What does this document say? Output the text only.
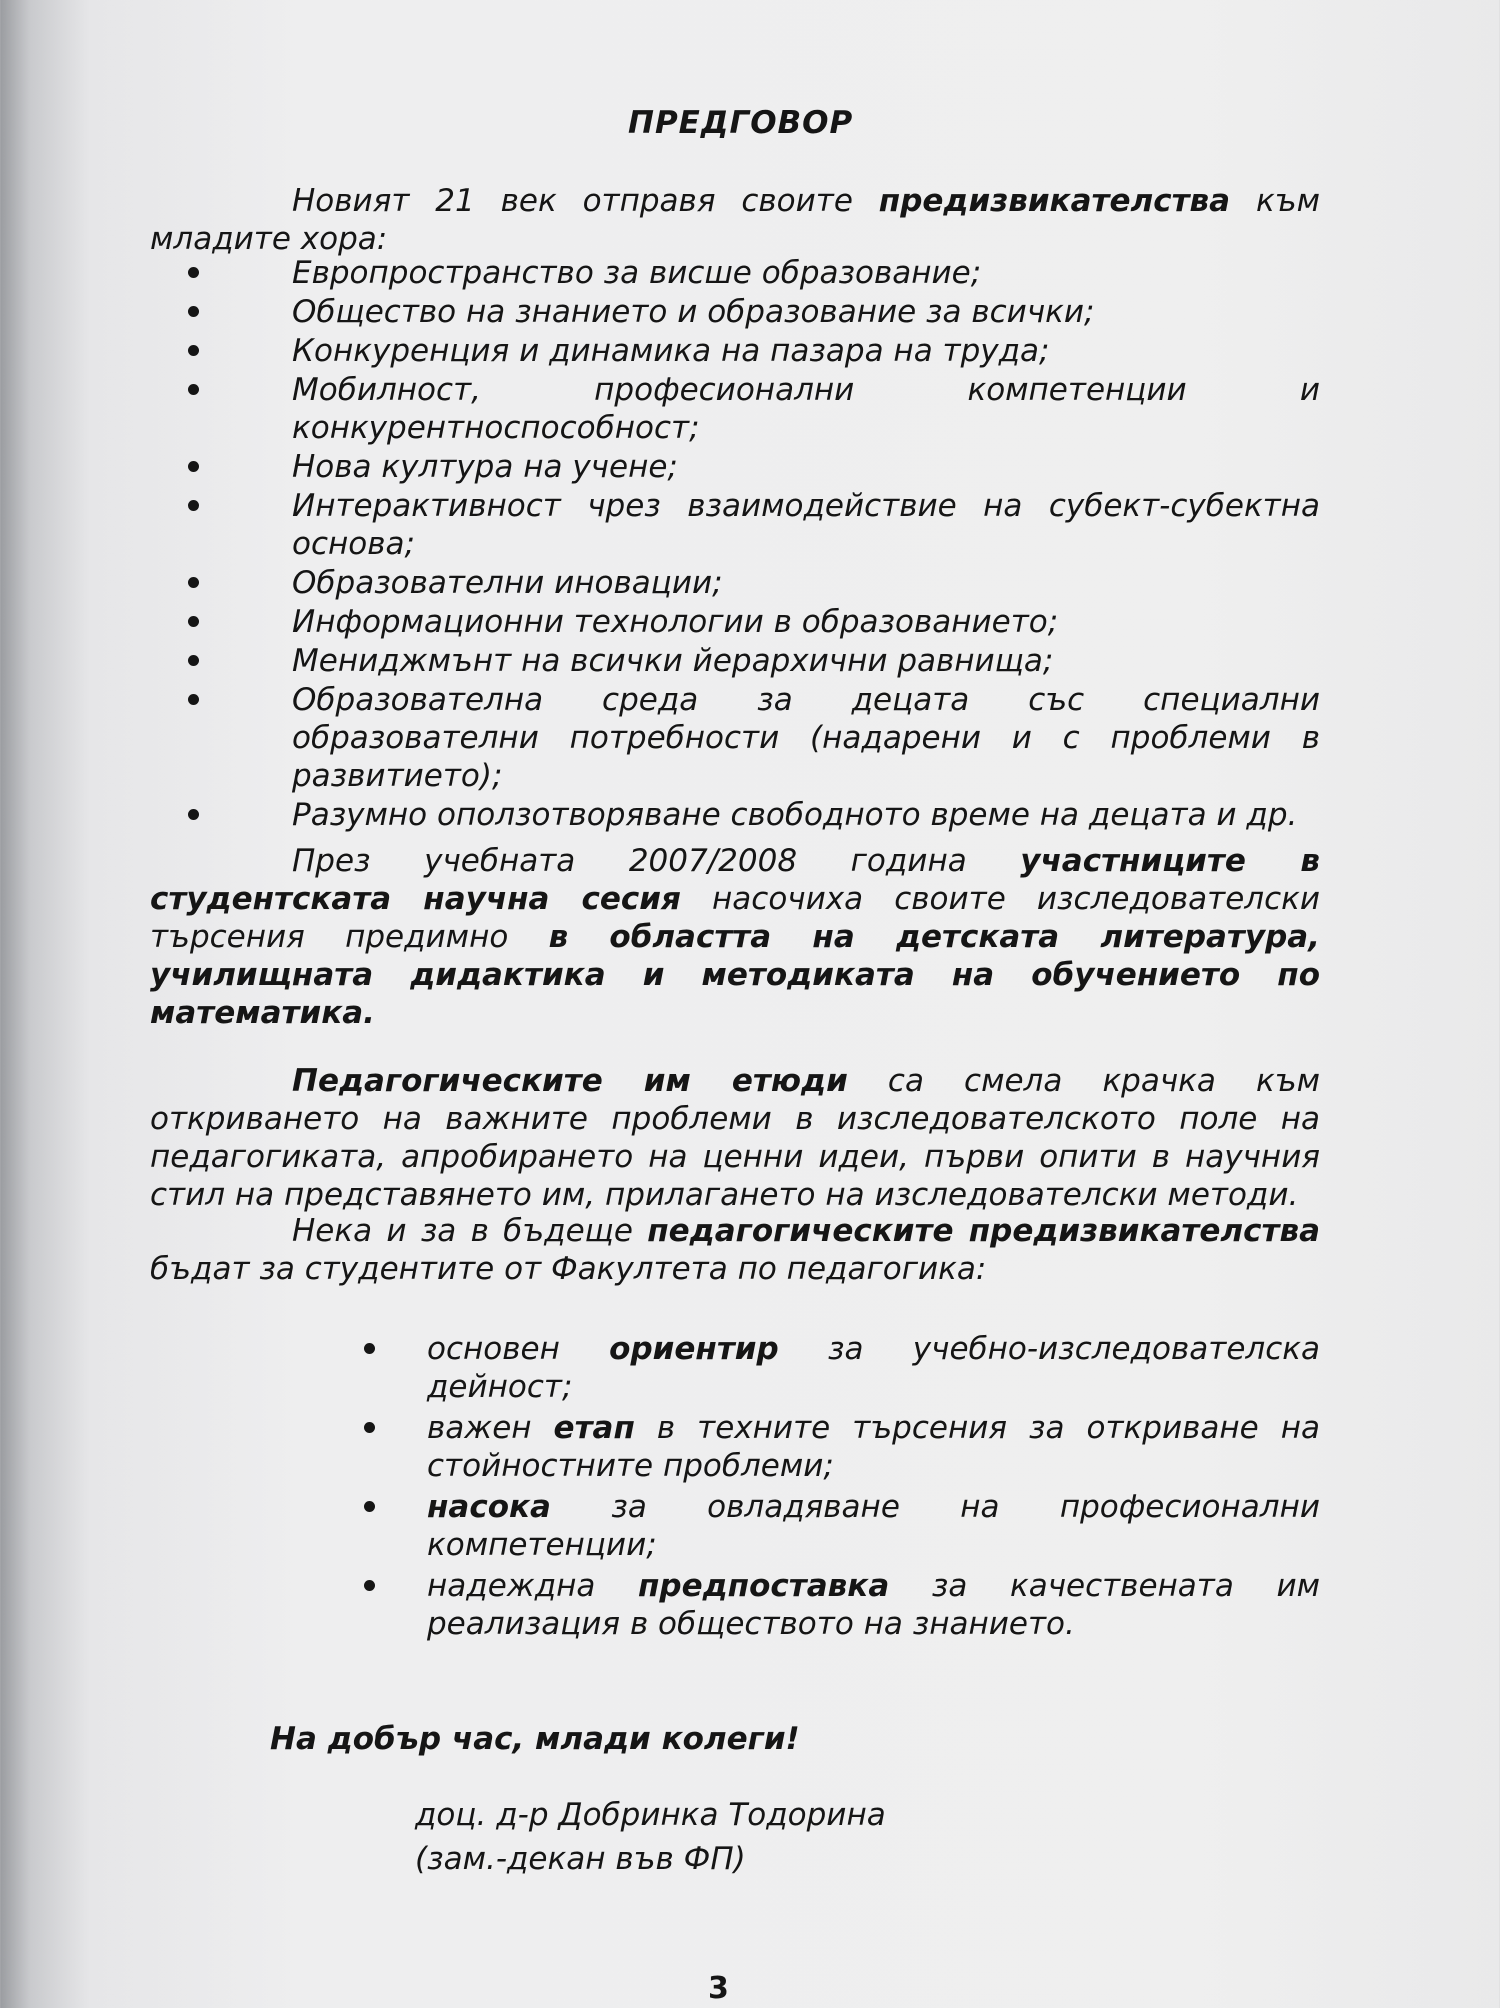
ПРЕДГОВОР
Новият 21 век отправя своите предизвикателства към младите хора:
Европространство за висше образование;
Общество на знанието и образование за всички;
Конкуренция и динамика на пазара на труда;
Мобилност, професионални компетенции и конкурентноспособност;
Нова култура на учене;
Интерактивност чрез взаимодействие на субект-субектна основа;
Образователни иновации;
Информационни технологии в образованието;
Мениджмънт на всички йерархични равнища;
Образователна среда за децата със специални образователни потребности (надарени и с проблеми в развитието);
Разумно оползотворяване свободното време на децата и др.
През учебната 2007/2008 година участниците в студентската научна сесия насочиха своите изследователски търсения предимно в областта на детската литература, училищната дидактика и методиката на обучението по математика.
Педагогическите им етюди са смела крачка към откриването на важните проблеми в изследователското поле на педагогиката, апробирането на ценни идеи, първи опити в научния стил на представянето им, прилагането на изследователски методи.
Нека и за в бъдеще педагогическите предизвикателства бъдат за студентите от Факултета по педагогика:
основен ориентир за учебно-изследователска дейност;
важен етап в техните търсения за откриване на стойностните проблеми;
насока за овладяване на професионални компетенции;
надеждна предпоставка за качествената им реализация в обществото на знанието.
На добър час, млади колеги!
доц. д-р Добринка Тодорина
(зам.-декан във ФП)
3
